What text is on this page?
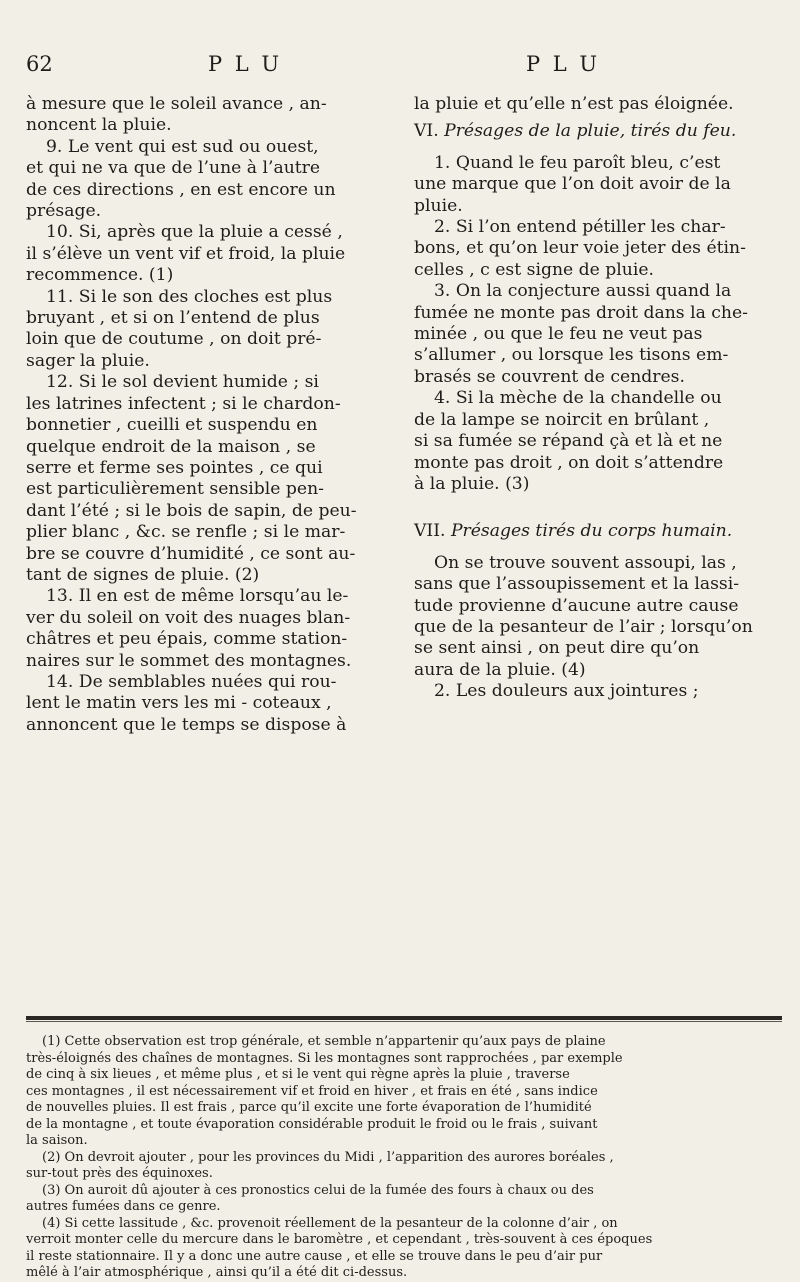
62	P L U	P L U
à mesure que le soleil avance , an-
noncent la pluie.
9. Le vent qui est sud ou ouest,
et qui ne va que de l’une à l’autre
de ces directions , en est encore un
présage.
10. Si, après que la pluie a cessé ,
il s’élève un vent vif et froid, la pluie
recommence. (1)
11. Si le son des cloches est plus
bruyant , et si on l’entend de plus
loin que de coutume , on doit pré-
sager la pluie.
12. Si le sol devient humide ; si
les latrines infectent ; si le chardon-
bonnetier , cueilli et suspendu en
quelque endroit de la maison , se
serre et ferme ses pointes , ce qui
est particulièrement sensible pen-
dant l’été ; si le bois de sapin, de peu-
plier blanc , &c. se renfle ; si le mar-
bre se couvre d’humidité , ce sont au-
tant de signes de pluie. (2)
13. Il en est de même lorsqu’au le-
ver du soleil on voit des nuages blan-
châtres et peu épais, comme station-
naires sur le sommet des montagnes.
14. De semblables nuées qui rou-
lent le matin vers les mi - coteaux ,
annoncent que le temps se dispose à
la pluie et qu’elle n’est pas éloignée.
VI. Présages de la pluie, tirés du feu.
1. Quand le feu paroît bleu, c’est
une marque que l’on doit avoir de la
pluie.
2. Si l’on entend pétiller les char-
bons, et qu’on leur voie jeter des étin-
celles , c est signe de pluie.
3. On la conjecture aussi quand la
fumée ne monte pas droit dans la che-
minée , ou que le feu ne veut pas
s’allumer , ou lorsque les tisons em-
brasés se couvrent de cendres.
4. Si la mèche de la chandelle ou
de la lampe se noircit en brûlant ,
si sa fumée se répand çà et là et ne
monte pas droit , on doit s’attendre
à la pluie. (3)
VII. Présages tirés du corps humain.
On se trouve souvent assoupi, las ,
sans que l’assoupissement et la lassi-
tude provienne d’aucune autre cause
que de la pesanteur de l’air ; lorsqu’on
se sent ainsi , on peut dire qu’on
aura de la pluie. (4)
2. Les douleurs aux jointures ;
(1) Cette observation est trop générale, et semble n’appartenir qu’aux pays de plaine
très-éloignés des chaînes de montagnes. Si les montagnes sont rapprochées , par exemple
de cinq à six lieues , et même plus , et si le vent qui règne après la pluie , traverse
ces montagnes , il est nécessairement vif et froid en hiver , et frais en été , sans indice
de nouvelles pluies. Il est frais , parce qu’il excite une forte évaporation de l’humidité
de la montagne , et toute évaporation considérable produit le froid ou le frais , suivant
la saison.
(2) On devroit ajouter , pour les provinces du Midi , l’apparition des aurores boréales ,
sur-tout près des équinoxes.
(3) On auroit dû ajouter à ces pronostics celui de la fumée des fours à chaux ou des
autres fumées dans ce genre.
(4) Si cette lassitude , &c. provenoit réellement de la pesanteur de la colonne d’air , on
verroit monter celle du mercure dans le baromètre , et cependant , très-souvent à ces époques
il reste stationnaire. Il y a donc une autre cause , et elle se trouve dans le peu d’air pur
mêlé à l’air atmosphérique , ainsi qu’il a été dit ci-dessus.
